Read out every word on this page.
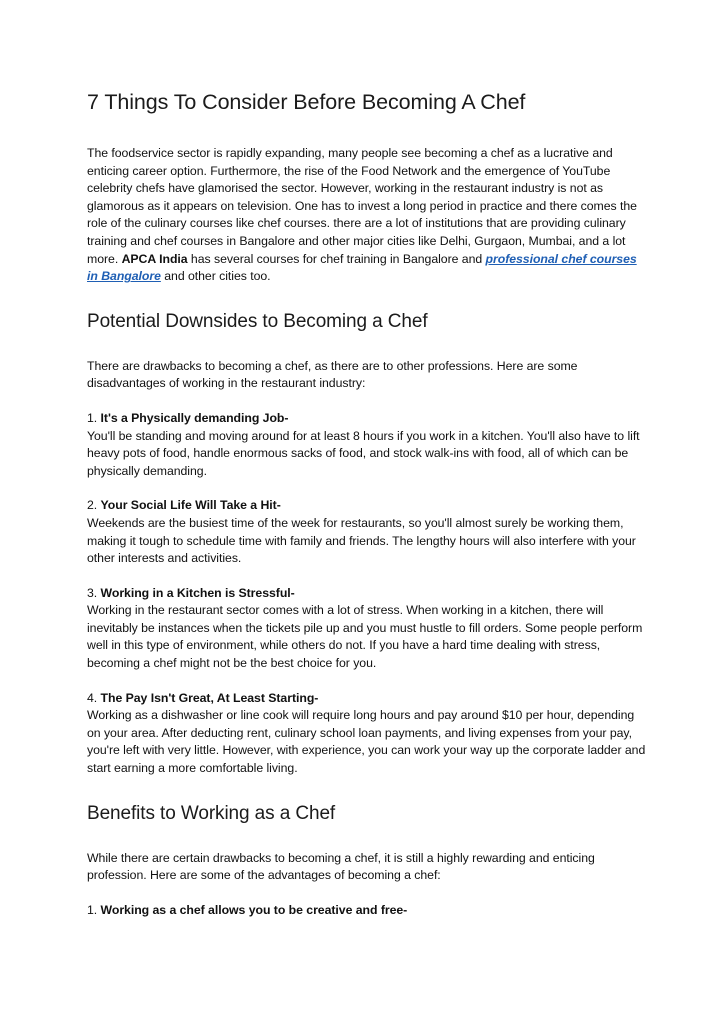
7 Things To Consider Before Becoming A Chef

The foodservice sector is rapidly expanding, many people see becoming a chef as a lucrative and enticing career option. Furthermore, the rise of the Food Network and the emergence of YouTube celebrity chefs have glamorised the sector. However, working in the restaurant industry is not as glamorous as it appears on television. One has to invest a long period in practice and there comes the role of the culinary courses like chef courses. there are a lot of institutions that are providing culinary training and chef courses in Bangalore and other major cities like Delhi, Gurgaon, Mumbai, and a lot more. APCA India has several courses for chef training in Bangalore and professional chef courses in Bangalore and other cities too.

Potential Downsides to Becoming a Chef

There are drawbacks to becoming a chef, as there are to other professions. Here are some disadvantages of working in the restaurant industry:

1. It's a Physically demanding Job-

You'll be standing and moving around for at least 8 hours if you work in a kitchen. You'll also have to lift heavy pots of food, handle enormous sacks of food, and stock walk-ins with food, all of which can be physically demanding.

2. Your Social Life Will Take a Hit-

Weekends are the busiest time of the week for restaurants, so you'll almost surely be working them, making it tough to schedule time with family and friends. The lengthy hours will also interfere with your other interests and activities.

3. Working in a Kitchen is Stressful-

Working in the restaurant sector comes with a lot of stress. When working in a kitchen, there will inevitably be instances when the tickets pile up and you must hustle to fill orders. Some people perform well in this type of environment, while others do not. If you have a hard time dealing with stress, becoming a chef might not be the best choice for you.

4. The Pay Isn't Great, At Least Starting-

Working as a dishwasher or line cook will require long hours and pay around $10 per hour, depending on your area. After deducting rent, culinary school loan payments, and living expenses from your pay, you're left with very little. However, with experience, you can work your way up the corporate ladder and start earning a more comfortable living.

Benefits to Working as a Chef

While there are certain drawbacks to becoming a chef, it is still a highly rewarding and enticing profession. Here are some of the advantages of becoming a chef:

1. Working as a chef allows you to be creative and free-
